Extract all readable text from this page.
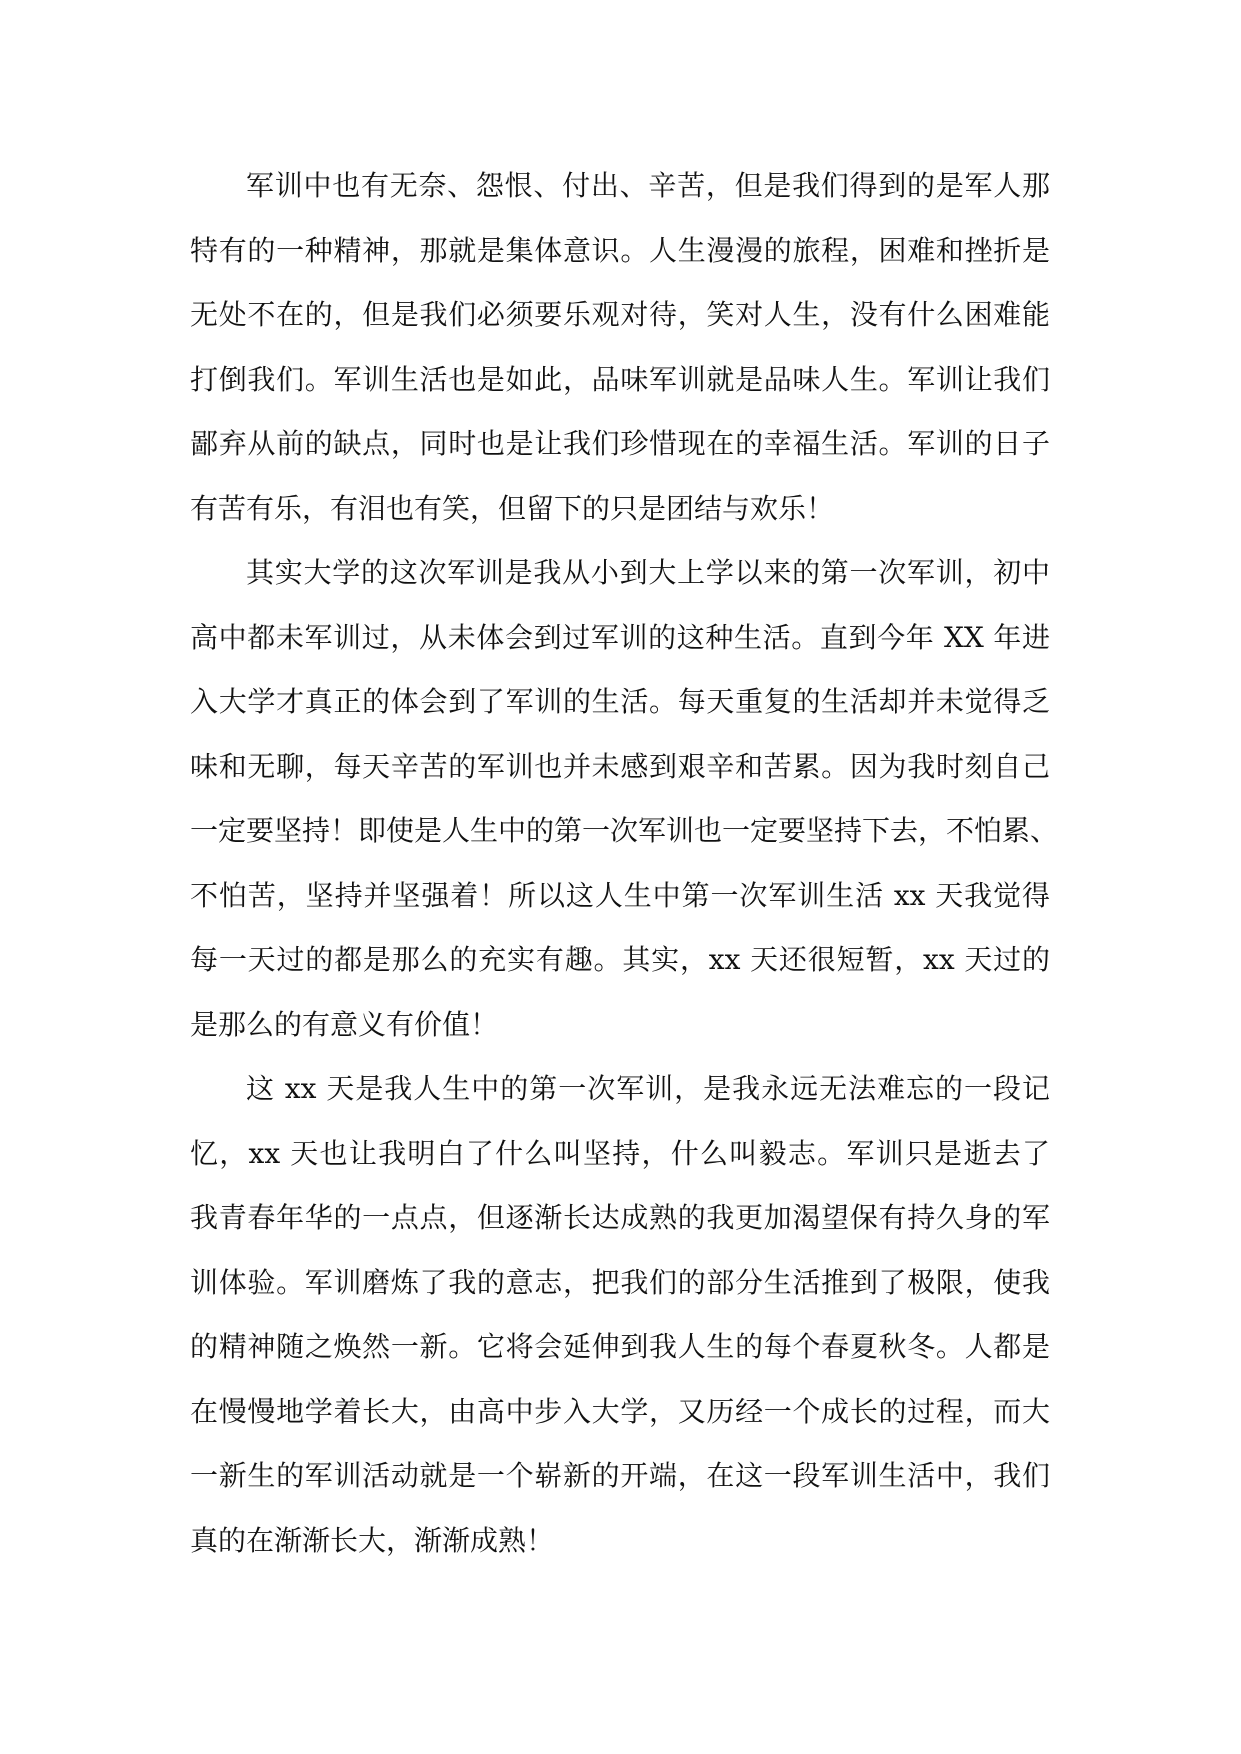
军训中也有无奈、怨恨、付出、辛苦，但是我们得到的是军人那
特有的一种精神，那就是集体意识。人生漫漫的旅程，困难和挫折是
无处不在的，但是我们必须要乐观对待，笑对人生，没有什么困难能
打倒我们。军训生活也是如此，品味军训就是品味人生。军训让我们
鄙弃从前的缺点，同时也是让我们珍惜现在的幸福生活。军训的日子
有苦有乐，有泪也有笑，但留下的只是团结与欢乐！
其实大学的这次军训是我从小到大上学以来的第一次军训，初中
高中都未军训过，从未体会到过军训的这种生活。直到今年 XX 年进
入大学才真正的体会到了军训的生活。每天重复的生活却并未觉得乏
味和无聊，每天辛苦的军训也并未感到艰辛和苦累。因为我时刻自己
一定要坚持！即使是人生中的第一次军训也一定要坚持下去，不怕累、
不怕苦，坚持并坚强着！所以这人生中第一次军训生活 xx 天我觉得
每一天过的都是那么的充实有趣。其实，xx 天还很短暂，xx 天过的
是那么的有意义有价值！
这 xx 天是我人生中的第一次军训，是我永远无法难忘的一段记
忆，xx 天也让我明白了什么叫坚持，什么叫毅志。军训只是逝去了
我青春年华的一点点，但逐渐长达成熟的我更加渴望保有持久身的军
训体验。军训磨炼了我的意志，把我们的部分生活推到了极限，使我
的精神随之焕然一新。它将会延伸到我人生的每个春夏秋冬。人都是
在慢慢地学着长大，由高中步入大学，又历经一个成长的过程，而大
一新生的军训活动就是一个崭新的开端，在这一段军训生活中，我们
真的在渐渐长大，渐渐成熟！
